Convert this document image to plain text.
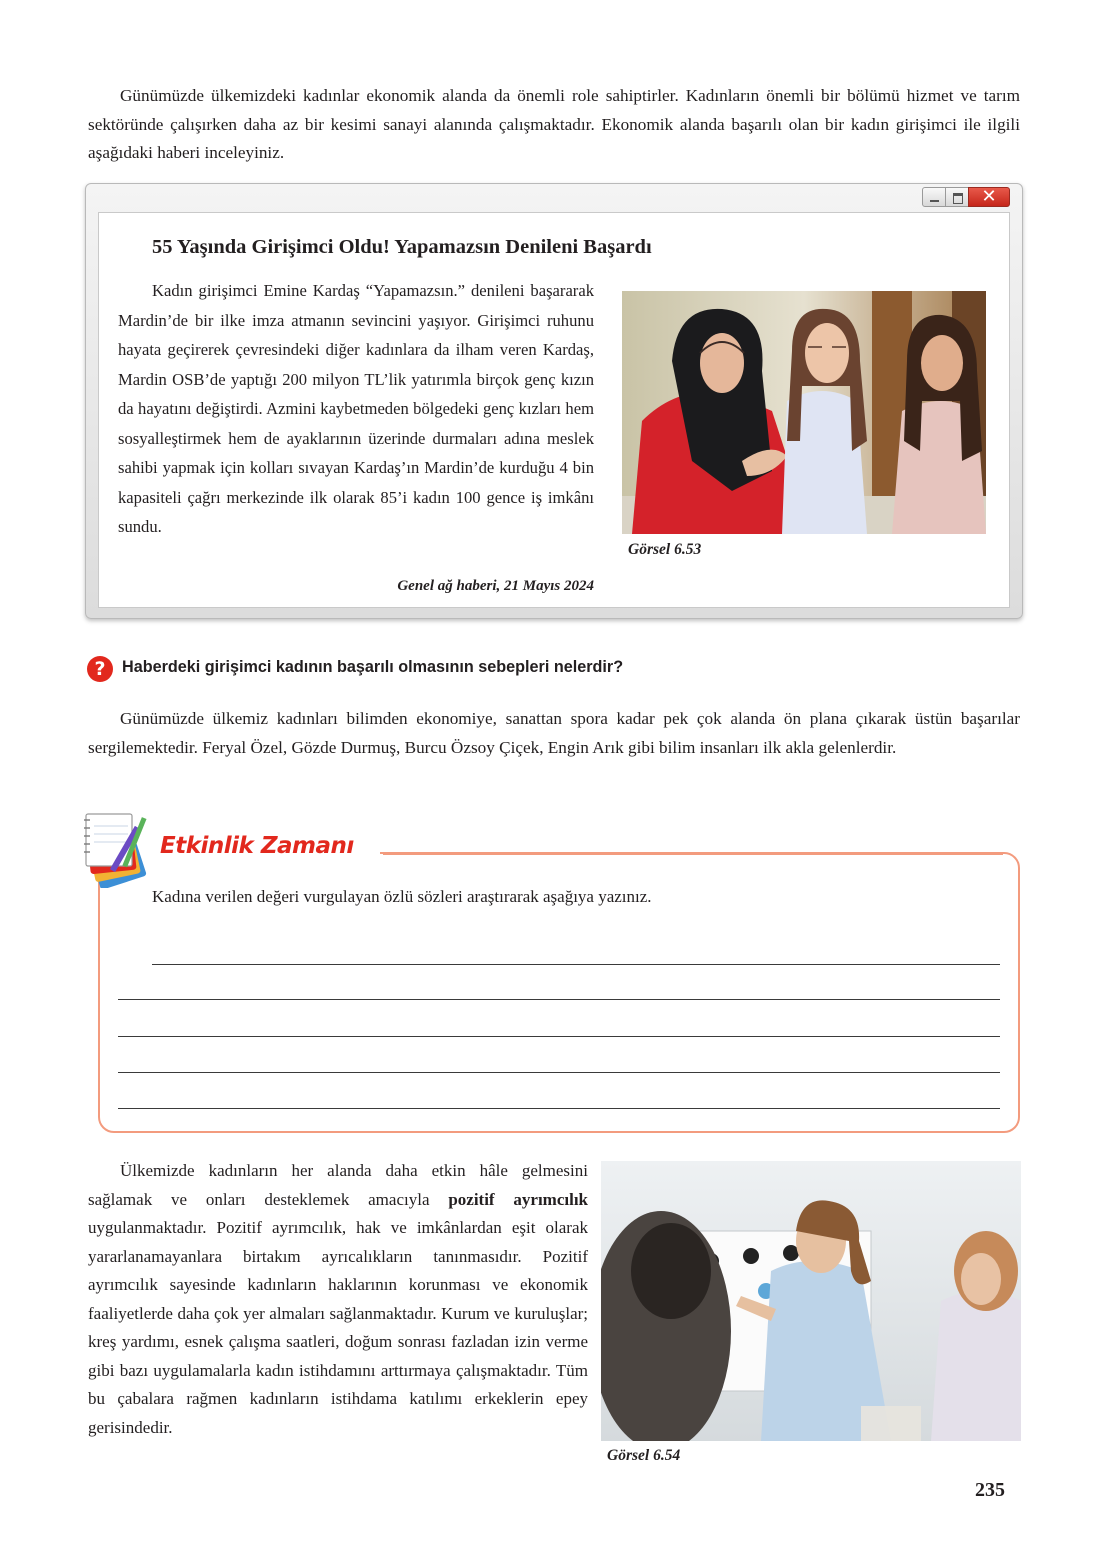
Günümüzde ülkemizdeki kadınlar ekonomik alanda da önemli role sahiptirler. Kadınların önemli bir bölümü hizmet ve tarım sektöründe çalışırken daha az bir kesimi sanayi alanında çalışmaktadır. Ekonomik alanda başarılı olan bir kadın girişimci ile ilgili aşağıdaki haberi inceleyiniz.

✕
55 Yaşında Girişimci Oldu! Yapamazsın Denileni Başardı

Kadın girişimci Emine Kardaş “Yapamazsın.” denileni başararak Mardin’de bir ilke imza atmanın sevincini yaşıyor. Girişimci ruhunu hayata geçirerek çevresindeki diğer kadınlara da ilham veren Kardaş, Mardin OSB’de yaptığı 200 milyon TL’lik yatırımla birçok genç kızın da hayatını değiştirdi. Azmini kaybetmeden bölgedeki genç kızları hem sosyalleştirmek hem de ayaklarının üzerinde durmaları adına meslek sahibi yapmak için kolları sıvayan Kardaş’ın Mardin’de kurduğu 4 bin kapasiteli çağrı merkezinde ilk olarak 85’i kadın 100 gence iş imkânı sundu.

Genel ağ haberi, 21 Mayıs 2024
Görsel 6.53
?	Haberdeki girişimci kadının başarılı olmasının sebepleri nelerdir?

Günümüzde ülkemiz kadınları bilimden ekonomiye, sanattan spora kadar pek çok alanda ön plana çıkarak üstün başarılar sergilemektedir. Feryal Özel, Gözde Durmuş, Burcu Özsoy Çiçek, Engin Arık gibi bilim insanları ilk akla gelenlerdir.

Etkinlik Zamanı

Kadına verilen değeri vurgulayan özlü sözleri araştırarak aşağıya yazınız.

Ülkemizde kadınların her alanda daha etkin hâle gelmesini sağlamak ve onları desteklemek amacıyla pozitif ayrımcılık uygulanmaktadır. Pozitif ayrımcılık, hak ve imkânlardan eşit olarak yararlanamayanlara birtakım ayrıcalıkların tanınmasıdır. Pozitif ayrımcılık sayesinde kadınların haklarının korunması ve ekonomik faaliyetlerde daha çok yer almaları sağlanmaktadır. Kurum ve kuruluşlar; kreş yardımı, esnek çalışma saatleri, doğum sonrası fazladan izin verme gibi bazı uygulamalarla kadın istihdamını arttırmaya çalışmaktadır. Tüm bu çabalara rağmen kadınların istihdama katılımı erkeklerin epey gerisindedir.

Görsel 6.54
235
